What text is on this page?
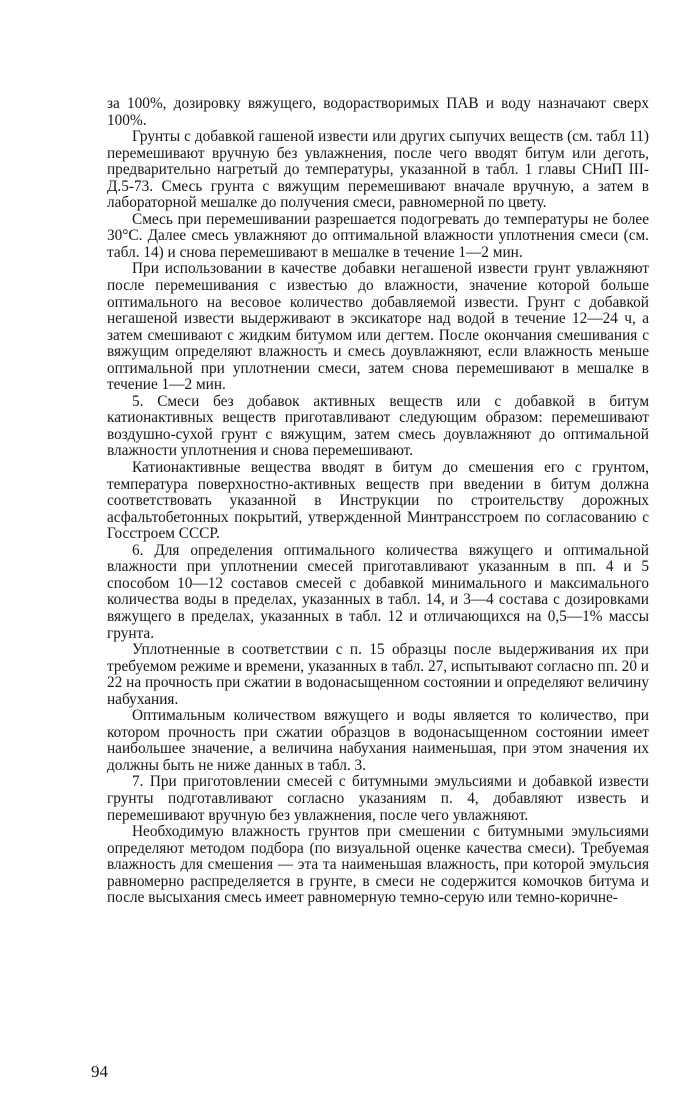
за 100%, дозировку вяжущего, водорастворимых ПАВ и воду назначают сверх 100%.

Грунты с добавкой гашеной извести или других сыпучих веществ (см. табл 11) перемешивают вручную без увлажнения, после чего вводят битум или деготь, предварительно нагретый до температуры, указанной в табл. 1 главы СНиП III-Д.5-73. Смесь грунта с вяжущим перемешивают вначале вручную, а затем в лабораторной мешалке до получения смеси, равномерной по цвету.

Смесь при перемешивании разрешается подогревать до температуры не более 30°С. Далее смесь увлажняют до оптимальной влажности уплотнения смеси (см. табл. 14) и снова перемешивают в мешалке в течение 1—2 мин.

При использовании в качестве добавки негашеной извести грунт увлажняют после перемешивания с известью до влажности, значение которой больше оптимального на весовое количество добавляемой извести. Грунт с добавкой негашеной извести выдерживают в эксикаторе над водой в течение 12—24 ч, а затем смешивают с жидким битумом или дегтем. После окончания смешивания с вяжущим определяют влажность и смесь доувлажняют, если влажность меньше оптимальной при уплотнении смеси, затем снова перемешивают в мешалке в течение 1—2 мин.

5. Смеси без добавок активных веществ или с добавкой в битум катионактивных веществ приготавливают следующим образом: перемешивают воздушно-сухой грунт с вяжущим, затем смесь доувлажняют до оптимальной влажности уплотнения и снова перемешивают.

Катионактивные вещества вводят в битум до смешения его с грунтом, температура поверхностно-активных веществ при введении в битум должна соответствовать указанной в Инструкции по строительству дорожных асфальтобетонных покрытий, утвержденной Минтрансстроем по согласованию с Госстроем СССР.

6. Для определения оптимального количества вяжущего и оптимальной влажности при уплотнении смесей приготавливают указанным в пп. 4 и 5 способом 10—12 составов смесей с добавкой минимального и максимального количества воды в пределах, указанных в табл. 14, и 3—4 состава с дозировками вяжущего в пределах, указанных в табл. 12 и отличающихся на 0,5—1% массы грунта.

Уплотненные в соответствии с п. 15 образцы после выдерживания их при требуемом режиме и времени, указанных в табл. 27, испытывают согласно пп. 20 и 22 на прочность при сжатии в водонасыщенном состоянии и определяют величину набухания.

Оптимальным количеством вяжущего и воды является то количество, при котором прочность при сжатии образцов в водонасыщенном состоянии имеет наибольшее значение, а величина набухания наименьшая, при этом значения их должны быть не ниже данных в табл. 3.

7. При приготовлении смесей с битумными эмульсиями и добавкой извести грунты подготавливают согласно указаниям п. 4, добавляют известь и перемешивают вручную без увлажнения, после чего увлажняют.

Необходимую влажность грунтов при смешении с битумными эмульсиями определяют методом подбора (по визуальной оценке качества смеси). Требуемая влажность для смешения — эта та наименьшая влажность, при которой эмульсия равномерно распределяется в грунте, в смеси не содержится комочков битума и после высыхания смесь имеет равномерную темно-серую или темно-коричне-

94
